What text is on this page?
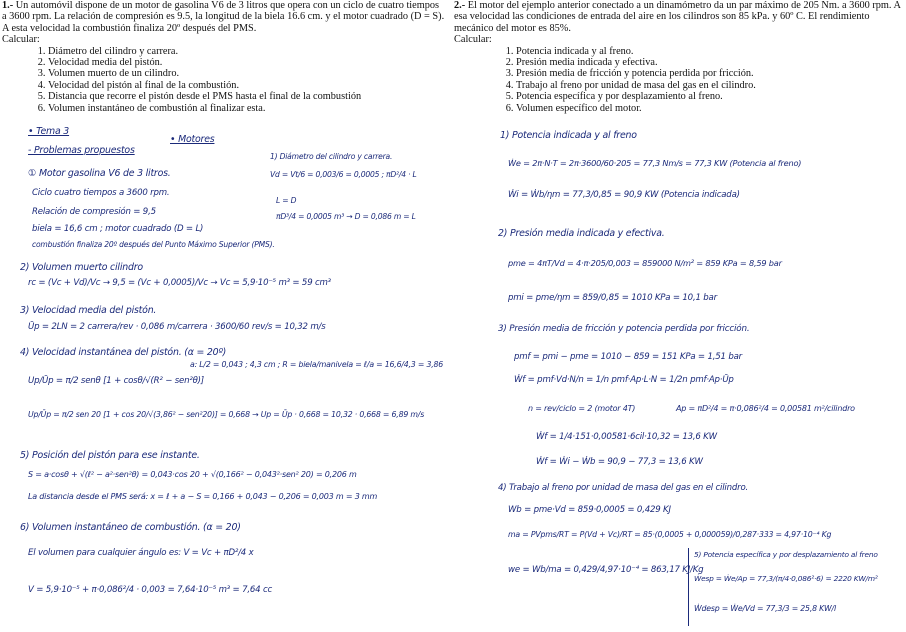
1.- Un automóvil dispone de un motor de gasolina V6 de 3 litros que opera con un ciclo de cuatro tiempos a 3600 rpm. La relación de compresión es 9.5, la longitud de la biela 16.6 cm. y el motor cuadrado (D = S). A esta velocidad la combustión finaliza 20º después del PMS.

Calcular:

1. Diámetro del cilindro y carrera.
2. Velocidad media del pistón.
3. Volumen muerto de un cilindro.
4. Velocidad del pistón al final de la combustión.
5. Distancia que recorre el pistón desde el PMS hasta el final de la combustión
6. Volumen instantáneo de combustión al finalizar esta.
• Tema 3
• Motores
- Problemas propuestos
1) Diámetro del cilindro y carrera.
① Motor gasolina V6 de 3 litros.	Vd = Vt/6 = 0,003/6 = 0,0005 ; πD²/4 · L
Ciclo cuatro tiempos a 3600 rpm.
L = D
Relación de compresión = 9,5	πD³/4 = 0,0005 m³ → D = 0,086 m = L
biela = 16,6 cm ; motor cuadrado (D = L)
combustión finaliza 20º después del Punto Máximo Superior (PMS).
2) Volumen muerto cilindro
rc = (Vc + Vd)/Vc → 9,5 = (Vc + 0,0005)/Vc → Vc = 5,9·10⁻⁵ m³ = 59 cm³
3) Velocidad media del pistón.
Ūp = 2LN = 2 carrera/rev · 0,086 m/carrera · 3600/60 rev/s = 10,32 m/s
4) Velocidad instantánea del pistón. (α = 20º)
a: L/2 = 0,043 ; 4,3 cm ; R = biela/manivela = ℓ/a = 16,6/4,3 = 3,86
Up/Ūp = π/2 senθ [1 + cosθ/√(R² − sen²θ)]
Up/Ūp = π/2 sen 20 [1 + cos 20/√(3,86² − sen²20)] = 0,668 → Up = Ūp · 0,668 = 10,32 · 0,668 = 6,89 m/s
5) Posición del pistón para ese instante.
S = a·cosθ + √(ℓ² − a²·sen²θ) = 0,043·cos 20 + √(0,166² − 0,043²·sen² 20) = 0,206 m
La distancia desde el PMS será: x = ℓ + a − S = 0,166 + 0,043 − 0,206 = 0,003 m = 3 mm
6) Volumen instantáneo de combustión. (α = 20)
El volumen para cualquier ángulo es: V = Vc + πD²/4 x
V = 5,9·10⁻⁵ + π·0,086²/4 · 0,003 = 7,64·10⁻⁵ m³ = 7,64 cc

2.- El motor del ejemplo anterior conectado a un dinamómetro da un par máximo de 205 Nm. a 3600 rpm. A esa velocidad las condiciones de entrada del aire en los cilindros son 85 kPa. y 60º C. El rendimiento mecánico del motor es 85%.

Calcular:

1. Potencia indicada y al freno.
2. Presión media indicada y efectiva.
3. Presión media de fricción y potencia perdida por fricción.
4. Trabajo al freno por unidad de masa del gas en el cilindro.
5. Potencia específica y por desplazamiento al freno.
6. Volumen específico del motor.
1) Potencia indicada y al freno
Ẇe = 2π·N·T = 2π·3600/60·205 = 77,3 Nm/s = 77,3 KW (Potencia al freno)
Ẇi = Ẇb/ηm = 77,3/0,85 = 90,9 KW (Potencia indicada)
2) Presión media indicada y efectiva.
pme = 4πT/Vd = 4·π·205/0,003 = 859000 N/m² = 859 KPa = 8,59 bar
pmi = pme/ηm = 859/0,85 = 1010 KPa = 10,1 bar
3) Presión media de fricción y potencia perdida por fricción.
pmf = pmi − pme = 1010 − 859 = 151 KPa = 1,51 bar
Ẇf = pmf·Vd·N/n = 1/n pmf·Ap·L·N = 1/2n pmf·Ap·Ūp
n = rev/ciclo = 2 (motor 4T)	Ap = πD²/4 = π·0,086²/4 = 0,00581 m²/cilindro
Ẇf = 1/4·151·0,00581·6cil·10,32 = 13,6 KW
Ẇf = Ẇi − Ẇb = 90,9 − 77,3 = 13,6 KW
4) Trabajo al freno por unidad de masa del gas en el cilindro.
Wb = pme·Vd = 859·0,0005 = 0,429 KJ
ma = PVpms/RT = P(Vd + Vc)/RT = 85·(0,0005 + 0,000059)/0,287·333 = 4,97·10⁻⁴ Kg
we = Wb/ma = 0,429/4,97·10⁻⁴ = 863,17 KJ/Kg
5) Potencia específica y por desplazamiento al freno
Ẇesp = Ẇe/Ap = 77,3/(π/4·0,086²·6) = 2220 KW/m²
Ẇdesp = Ẇe/Vd = 77,3/3 = 25,8 KW/l
